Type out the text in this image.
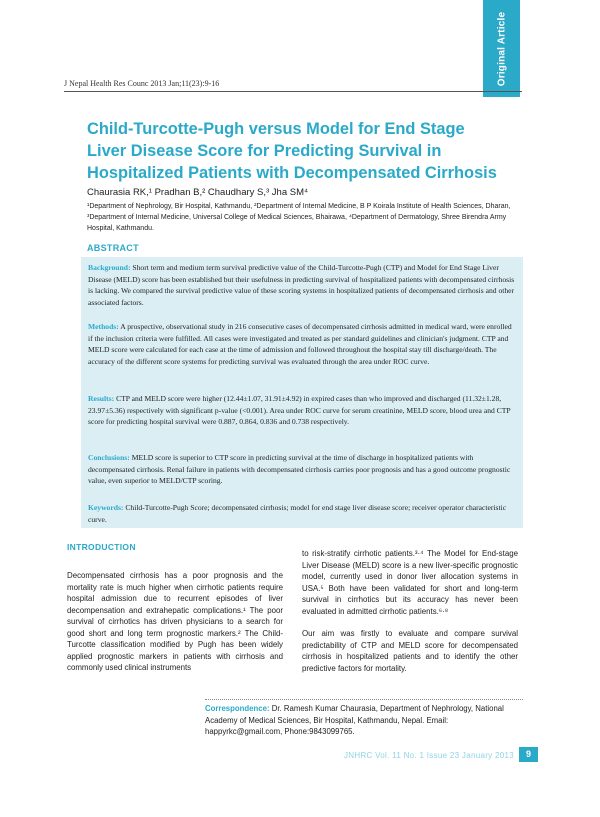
Original Article
J Nepal Health Res Counc 2013 Jan;11(23):9-16
Child-Turcotte-Pugh versus Model for End Stage Liver Disease Score for Predicting Survival in Hospitalized Patients with Decompensated Cirrhosis
Chaurasia RK,¹ Pradhan B,² Chaudhary S,³ Jha SM⁴
¹Department of Nephrology, Bir Hospital, Kathmandu, ²Department of Internal Medicine, B P Koirala Institute of Health Sciences, Dharan, ³Department of Internal Medicine, Universal College of Medical Sciences, Bhairawa, ⁴Department of Dermatology, Shree Birendra Army Hospital, Kathmandu.
ABSTRACT

Background: Short term and medium term survival predictive value of the Child-Turcotte-Pugh (CTP) and Model for End Stage Liver Disease (MELD) score has been established but their usefulness in predicting survival of hospitalized patients with decompensated cirrhosis is lacking. We compared the survival predictive value of these scoring systems in hospitalized patients of decompensated cirrhosis and other associated factors.

Methods: A prospective, observational study in 216 consecutive cases of decompensated cirrhosis admitted in medical ward, were enrolled if the inclusion criteria were fulfilled. All cases were investigated and treated as per standard guidelines and clinician's judgment. CTP and MELD score were calculated for each case at the time of admission and followed throughout the hospital stay till discharge/death. The accuracy of the different score systems for predicting survival was evaluated through the area under ROC curve.

Results: CTP and MELD score were higher (12.44±1.07, 31.91±4.92) in expired cases than who improved and discharged (11.32±1.28, 23.97±5.36) respectively with significant p-value (<0.001). Area under ROC curve for serum creatinine, MELD score, blood urea and CTP score for predicting hospital survival were 0.887, 0.864, 0.836 and 0.738 respectively.

Conclusions: MELD score is superior to CTP score in predicting survival at the time of discharge in hospitalized patients with decompensated cirrhosis. Renal failure in patients with decompensated cirrhosis carries poor prognosis and has a good outcome prognostic value, even superior to MELD/CTP scoring.

Keywords: Child-Turcotte-Pugh Score; decompensated cirrhosis; model for end stage liver disease score; receiver operator characteristic curve.

INTRODUCTION

Decompensated cirrhosis has a poor prognosis and the mortality rate is much higher when cirrhotic patients require hospital admission due to recurrent episodes of liver decompensation and extrahepatic complications.¹ The poor survival of cirrhotics has driven physicians to a search for good short and long term prognostic markers.² The Child-Turcotte classification modified by Pugh has been widely applied prognostic markers in patients with cirrhosis and commonly used clinical instruments

to risk-stratify cirrhotic patients.³·⁴ The Model for End-stage Liver Disease (MELD) score is a new liver-specific prognostic model, currently used in donor liver allocation systems in USA.⁵ Both have been validated for short and long-term survival in cirrhotics but its accuracy has never been evaluated in admitted cirrhotic patients.⁶·⁸

Our aim was firstly to evaluate and compare survival predictability of CTP and MELD score for decompensated cirrhosis in hospitalized patients and to identify the other predictive factors for mortality.

Correspondence: Dr. Ramesh Kumar Chaurasia, Department of Nephrology, National Academy of Medical Sciences, Bir Hospital, Kathmandu, Nepal. Email: happyrkc@gmail.com, Phone:9843099765.

JNHRC Vol. 11 No. 1 Issue 23 January 2013	9
